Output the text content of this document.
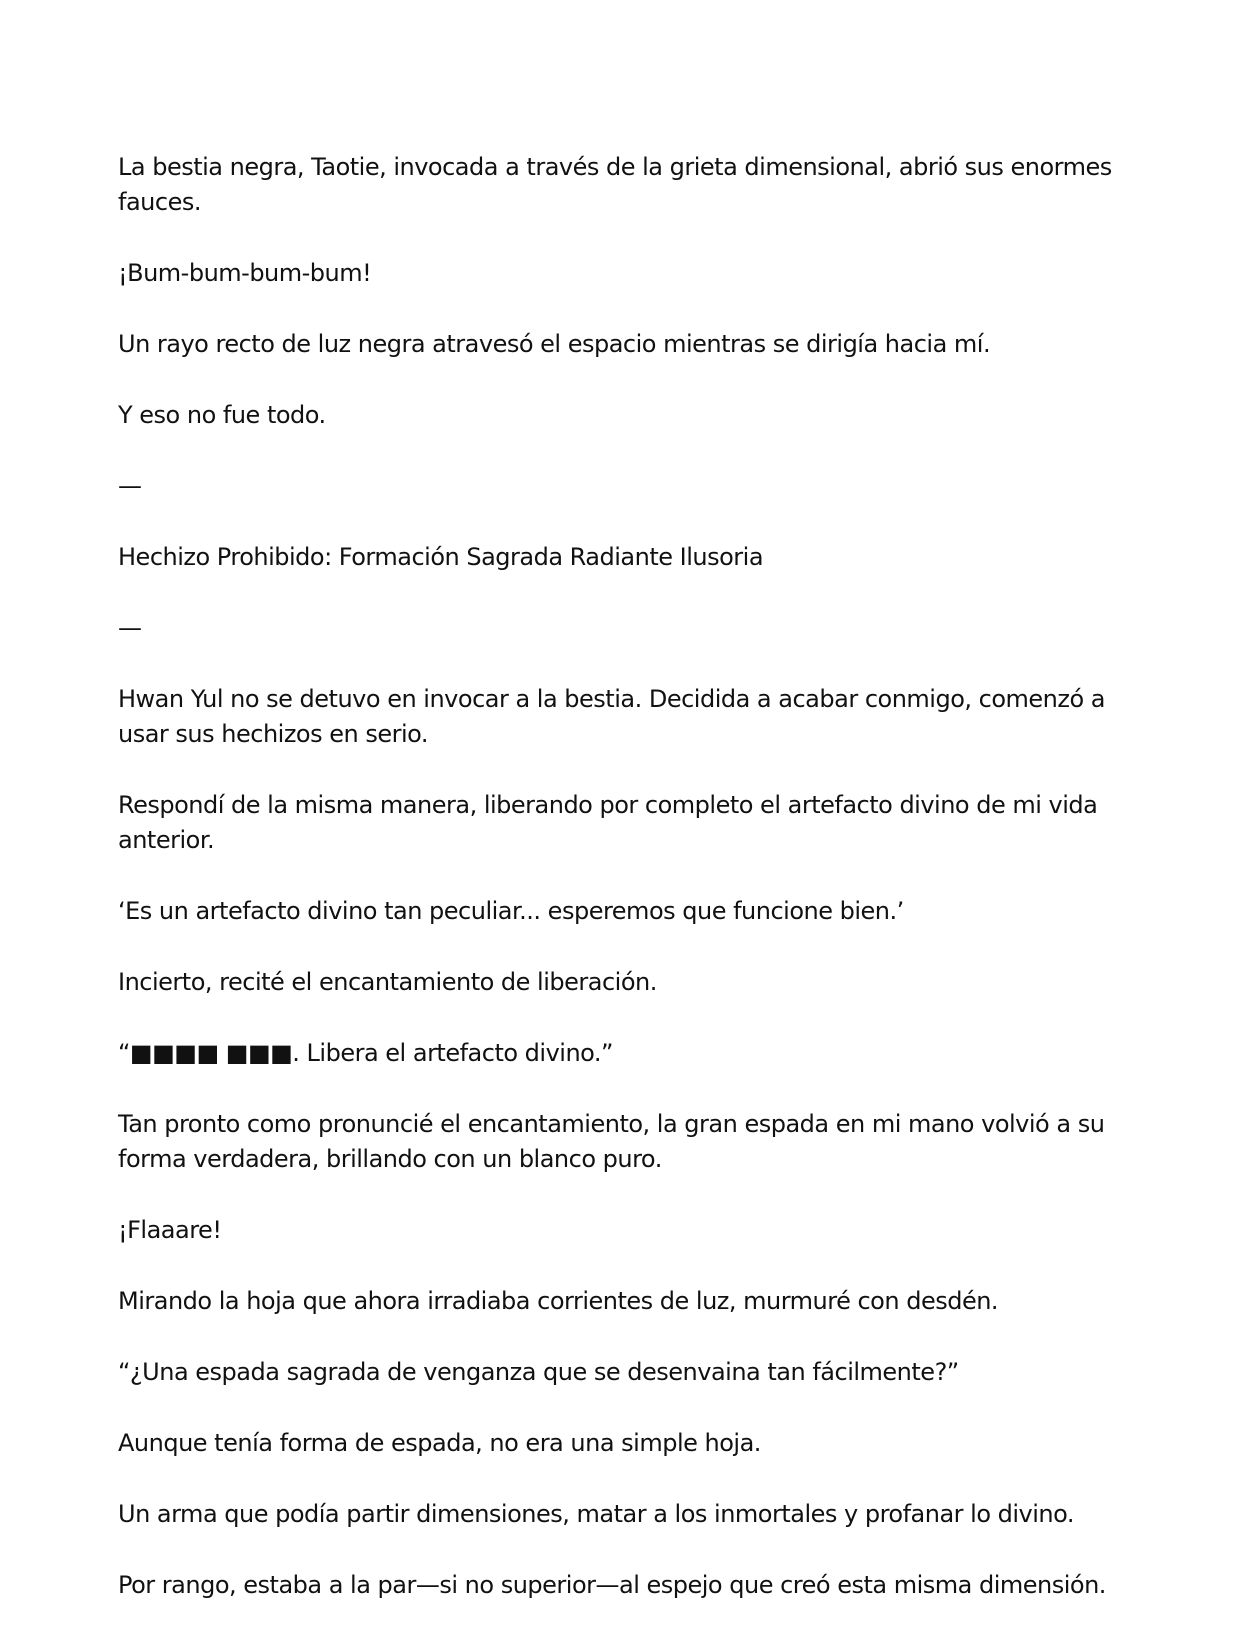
La bestia negra, Taotie, invocada a través de la grieta dimensional, abrió sus enormes fauces.

¡Bum-bum-bum-bum!

Un rayo recto de luz negra atravesó el espacio mientras se dirigía hacia mí.

Y eso no fue todo.

—

Hechizo Prohibido: Formación Sagrada Radiante Ilusoria

—

Hwan Yul no se detuvo en invocar a la bestia. Decidida a acabar conmigo, comenzó a usar sus hechizos en serio.

Respondí de la misma manera, liberando por completo el artefacto divino de mi vida anterior.

‘Es un artefacto divino tan peculiar... esperemos que funcione bien.’

Incierto, recité el encantamiento de liberación.

“■■■■ ■■■. Libera el artefacto divino.”

Tan pronto como pronuncié el encantamiento, la gran espada en mi mano volvió a su forma verdadera, brillando con un blanco puro.

¡Flaaare!

Mirando la hoja que ahora irradiaba corrientes de luz, murmuré con desdén.

“¿Una espada sagrada de venganza que se desenvaina tan fácilmente?”

Aunque tenía forma de espada, no era una simple hoja.

Un arma que podía partir dimensiones, matar a los inmortales y profanar lo divino.

Por rango, estaba a la par—si no superior—al espejo que creó esta misma dimensión.
